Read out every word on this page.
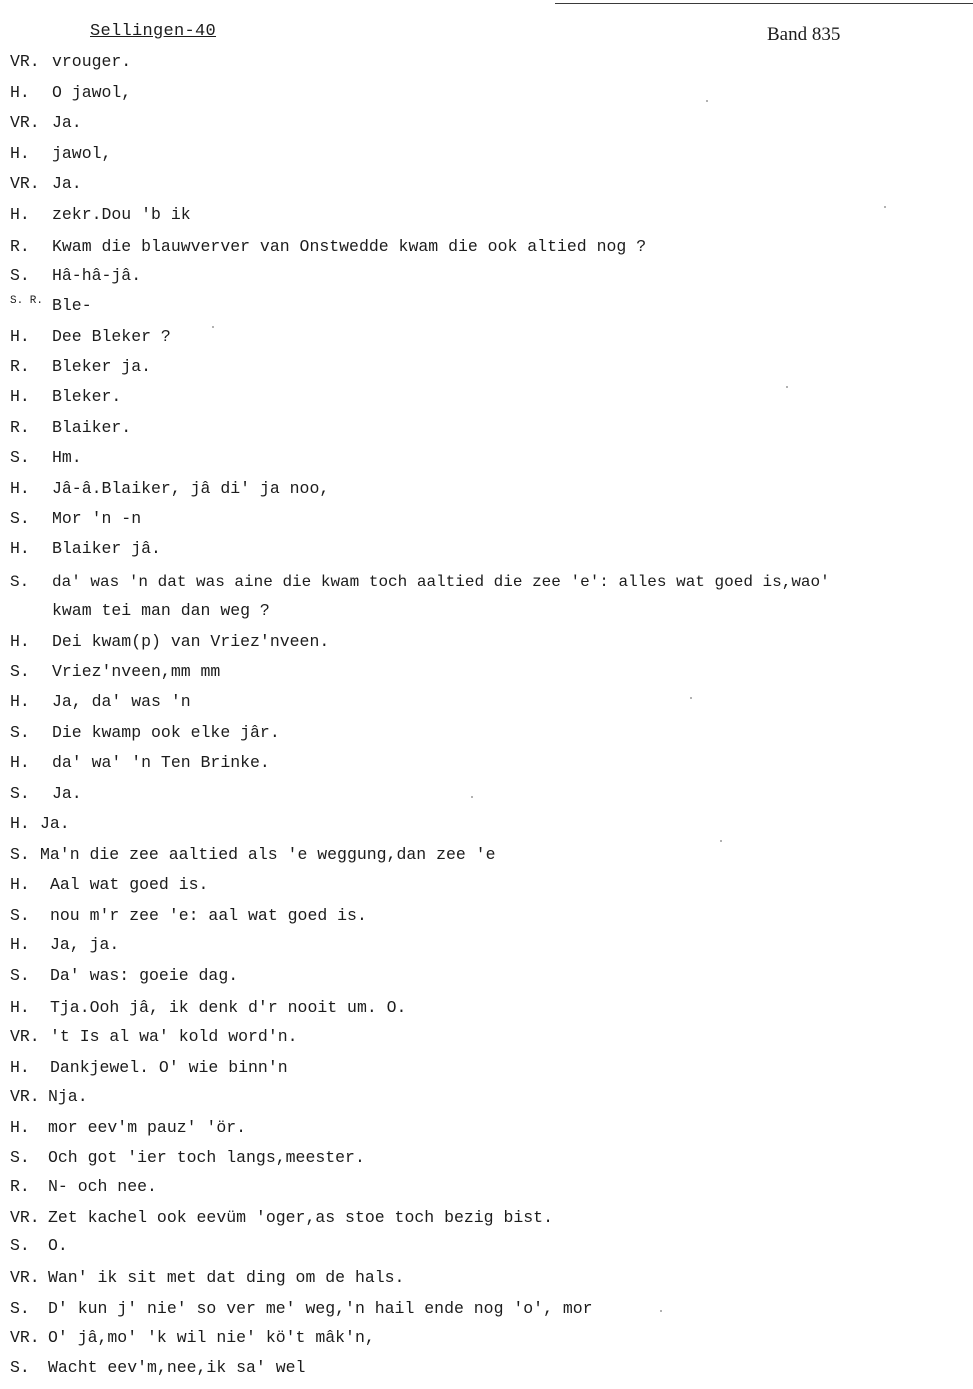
Sellingen-40	Band 835
VR. vrouger.
H. O jawol,
VR. Ja.
H. jawol,
VR. Ja.
H. zekr.Dou 'b ik
R. Kwam die blauwverver van Onstwedde kwam die ook altied nog ?
S. Hâ-hâ-jâ.
S. R. Ble-
H. Dee Bleker ?
R. Bleker ja.
H. Bleker.
R. Blaiker.
S. Hm.
H. Jâ-â.Blaiker, jâ di' ja noo,
S. Mor 'n -n
H. Blaiker jâ.
S. da' was 'n dat was aine die kwam toch aaltied die zee 'e': alles wat goed is,wao'
kwam tei man dan weg ?
H. Dei kwam(p) van Vriez'nveen.
S. Vriez'nveen,mm mm
H. Ja, da' was 'n
S. Die kwamp ook elke jâr.
H. da' wa' 'n Ten Brinke.
S. Ja.
H. Ja.
S. Ma'n die zee aaltied als 'e weggung,dan zee 'e
H. Aal wat goed is.
S. nou m'r zee 'e: aal wat goed is.
H. Ja, ja.
S. Da' was: goeie dag.
H. Tja.Ooh jâ, ik denk d'r nooit um. O.
VR. 't Is al wa' kold word'n.
H. Dankjewel. O' wie binn'n
VR. Nja.
H. mor eev'm pauz' 'ör.
S. Och got 'ier toch langs,meester.
R. N- och nee.
VR. Zet kachel ook eevüm 'oger,as stoe toch bezig bist.
S. O.
VR. Wan' ik sit met dat ding om de hals.
S. D' kun j' nie' so ver me' weg,'n hail ende nog 'o', mor
VR. O' jâ,mo' 'k wil nie' kö't mâk'n,
S. Wacht eev'm,nee,ik sa' wel
